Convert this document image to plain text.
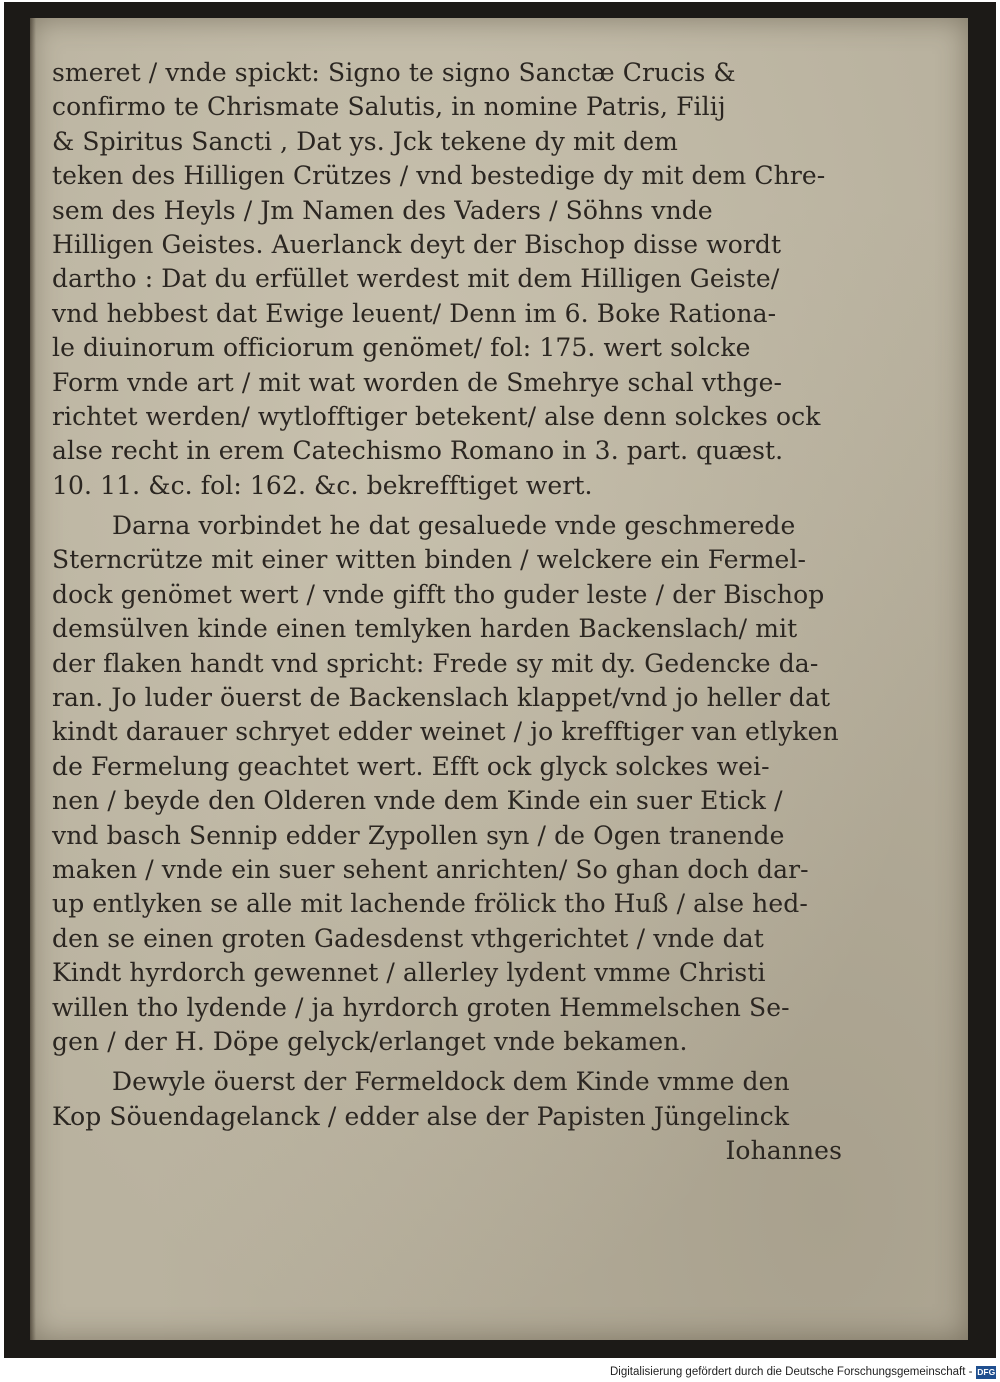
smeret / vnde spickt: Signo te signo Sanctæ Crucis &
confirmo te Chrismate Salutis, in nomine Patris, Filij
& Spiritus Sancti , Dat ys. Jck tekene dy mit dem
teken des Hilligen Crützes / vnd bestedige dy mit dem Chre-
sem des Heyls / Jm Namen des Vaders / Söhns vnde
Hilligen Geistes. Auerlanck deyt der Bischop disse wordt
dartho : Dat du erfüllet werdest mit dem Hilligen Geiste/
vnd hebbest dat Ewige leuent/ Denn im 6. Boke Rationa-
le diuinorum officiorum genömet/ fol: 175. wert solcke
Form vnde art / mit wat worden de Smehrye schal vthge-
richtet werden/ wytlofftiger betekent/ alse denn solckes ock
alse recht in erem Catechismo Romano in 3. part. quæst.
10. 11. &c. fol: 162. &c. bekrefftiget wert.
Darna vorbindet he dat gesaluede vnde geschmerede
Sterncrütze mit einer witten binden / welckere ein Fermel-
dock genömet wert / vnde gifft tho guder leste / der Bischop
demsülven kinde einen temlyken harden Backenslach/ mit
der flaken handt vnd spricht: Frede sy mit dy. Gedencke da-
ran. Jo luder öuerst de Backenslach klappet/vnd jo heller dat
kindt darauer schryet edder weinet / jo krefftiger van etlyken
de Fermelung geachtet wert. Efft ock glyck solckes wei-
nen / beyde den Olderen vnde dem Kinde ein suer Etick /
vnd basch Sennip edder Zypollen syn / de Ogen tranende
maken / vnde ein suer sehent anrichten/ So ghan doch dar-
up entlyken se alle mit lachende frölick tho Huß / alse hed-
den se einen groten Gadesdenst vthgerichtet / vnde dat
Kindt hyrdorch gewennet / allerley lydent vmme Christi
willen tho lydende / ja hyrdorch groten Hemmelschen Se-
gen / der H. Döpe gelyck/erlanget vnde bekamen.
Dewyle öuerst der Fermeldock dem Kinde vmme den
Kop Söuendagelanck / edder alse der Papisten Jüngelinck
Iohannes
Digitalisierung gefördert durch die Deutsche Forschungsgemeinschaft - DFG
